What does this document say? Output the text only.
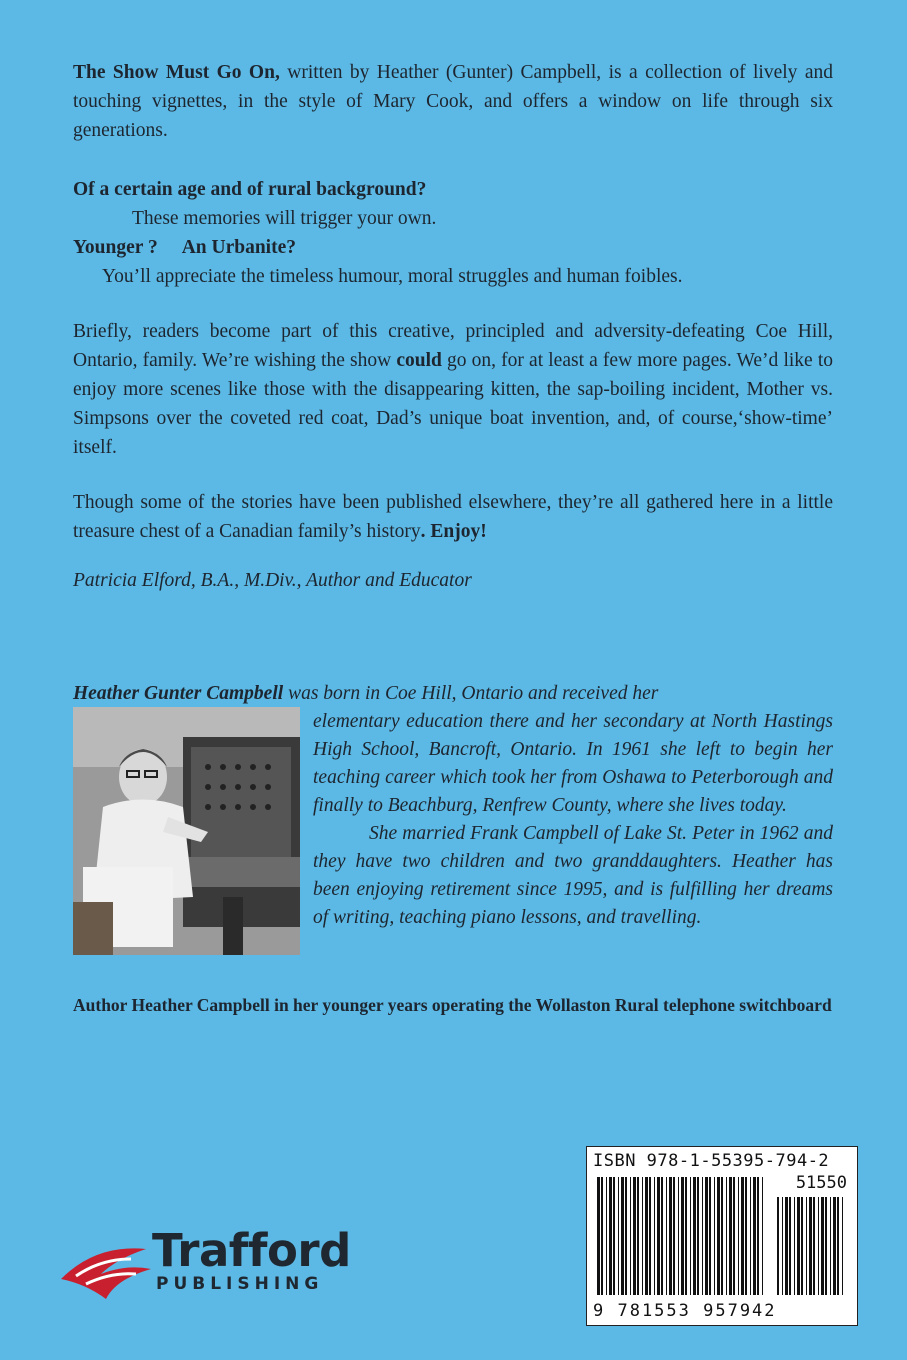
The Show Must Go On, written by Heather (Gunter) Campbell, is a collection of lively and touching vignettes, in the style of Mary Cook, and offers a window on life through six generations.

Of a certain age and of rural background?
These memories will trigger your own.
Younger ? An Urbanite?
You’ll appreciate the timeless humour, moral struggles and human foibles.

Briefly, readers become part of this creative, principled and adversity-defeating Coe Hill, Ontario, family. We’re wishing the show could go on, for at least a few more pages. We’d like to enjoy more scenes like those with the disappearing kitten, the sap-boiling incident, Mother vs. Simpsons over the coveted red coat, Dad’s unique boat invention, and, of course,‘show-time’ itself.

Though some of the stories have been published elsewhere, they’re all gathered here in a little treasure chest of a Canadian family’s history. Enjoy!

Patricia Elford, B.A., M.Div., Author and Educator

Heather Gunter Campbell was born in Coe Hill, Ontario and received her
elementary education there and her secondary at North Hastings High School, Bancroft, Ontario. In 1961 she left to begin her teaching career which took her from Oshawa to Peterborough and finally to Beachburg, Renfrew County, where she lives today.
She married Frank Campbell of Lake St. Peter in 1962 and they have two children and two granddaughters. Heather has been enjoying retirement since 1995, and is fulfilling her dreams of writing, teaching piano lessons, and travelling.
Author Heather Campbell in her younger years operating the Wollaston Rural telephone switchboard
ISBN 978-1-55395-794-2
51550
9 781553 957942
Trafford
PUBLISHING
